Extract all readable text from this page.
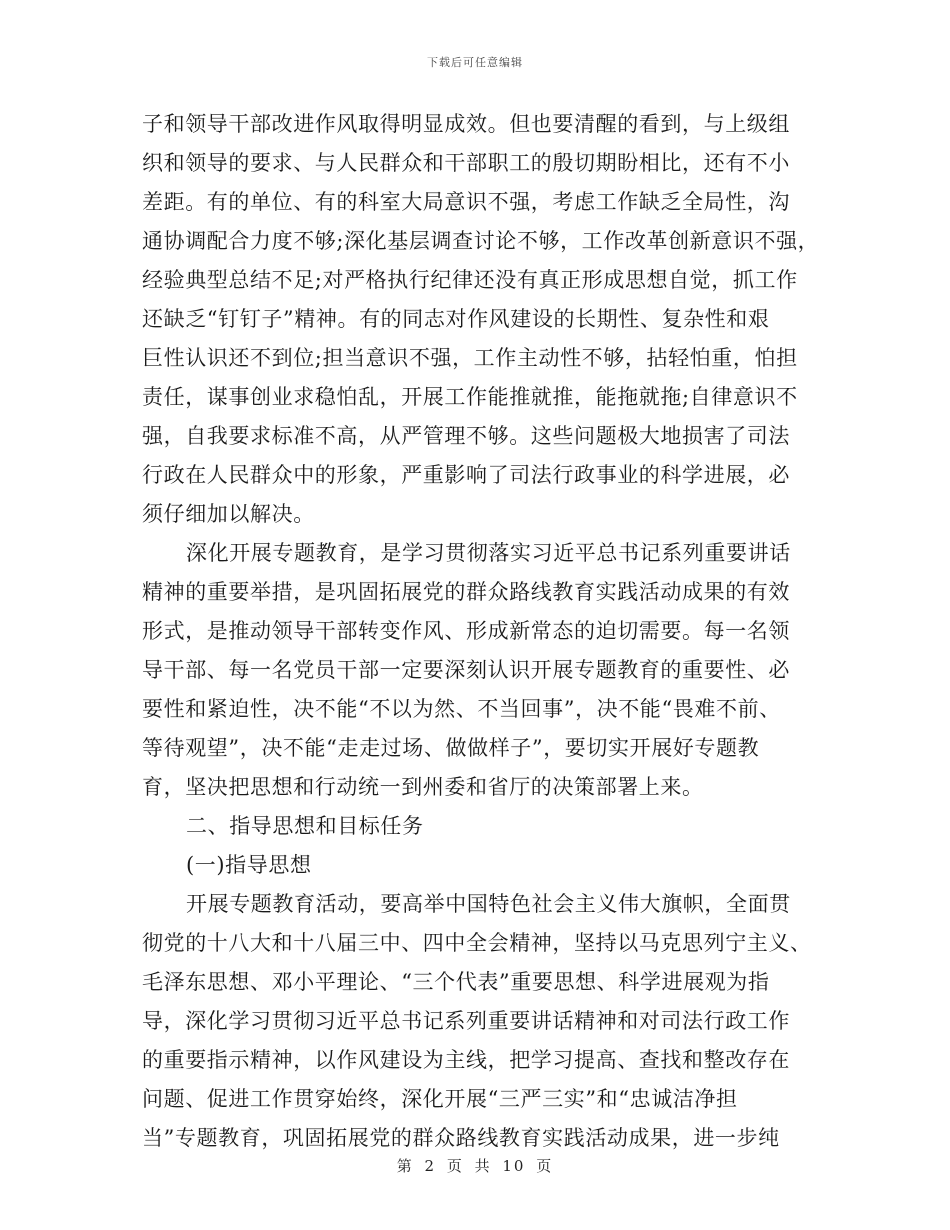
下载后可任意编辑
子和领导干部改进作风取得明显成效。但也要清醒的看到，与上级组
织和领导的要求、与人民群众和干部职工的殷切期盼相比，还有不小
差距。有的单位、有的科室大局意识不强，考虑工作缺乏全局性，沟
通协调配合力度不够;深化基层调查讨论不够，工作改革创新意识不强，
经验典型总结不足;对严格执行纪律还没有真正形成思想自觉，抓工作
还缺乏“钉钉子”精神。有的同志对作风建设的长期性、复杂性和艰
巨性认识还不到位;担当意识不强，工作主动性不够，拈轻怕重，怕担
责任，谋事创业求稳怕乱，开展工作能推就推，能拖就拖;自律意识不
强，自我要求标准不高，从严管理不够。这些问题极大地损害了司法
行政在人民群众中的形象，严重影响了司法行政事业的科学进展，必
须仔细加以解决。
深化开展专题教育，是学习贯彻落实习近平总书记系列重要讲话
精神的重要举措，是巩固拓展党的群众路线教育实践活动成果的有效
形式，是推动领导干部转变作风、形成新常态的迫切需要。每一名领
导干部、每一名党员干部一定要深刻认识开展专题教育的重要性、必
要性和紧迫性，决不能“不以为然、不当回事”，决不能“畏难不前、
等待观望”，决不能“走走过场、做做样子”，要切实开展好专题教
育，坚决把思想和行动统一到州委和省厅的决策部署上来。
二、指导思想和目标任务
(一)指导思想
开展专题教育活动，要高举中国特色社会主义伟大旗帜，全面贯
彻党的十八大和十八届三中、四中全会精神，坚持以马克思列宁主义、
毛泽东思想、邓小平理论、“三个代表”重要思想、科学进展观为指
导，深化学习贯彻习近平总书记系列重要讲话精神和对司法行政工作
的重要指示精神，以作风建设为主线，把学习提高、查找和整改存在
问题、促进工作贯穿始终，深化开展“三严三实”和“忠诚洁净担
当”专题教育，巩固拓展党的群众路线教育实践活动成果，进一步纯
第 2 页 共 10 页
